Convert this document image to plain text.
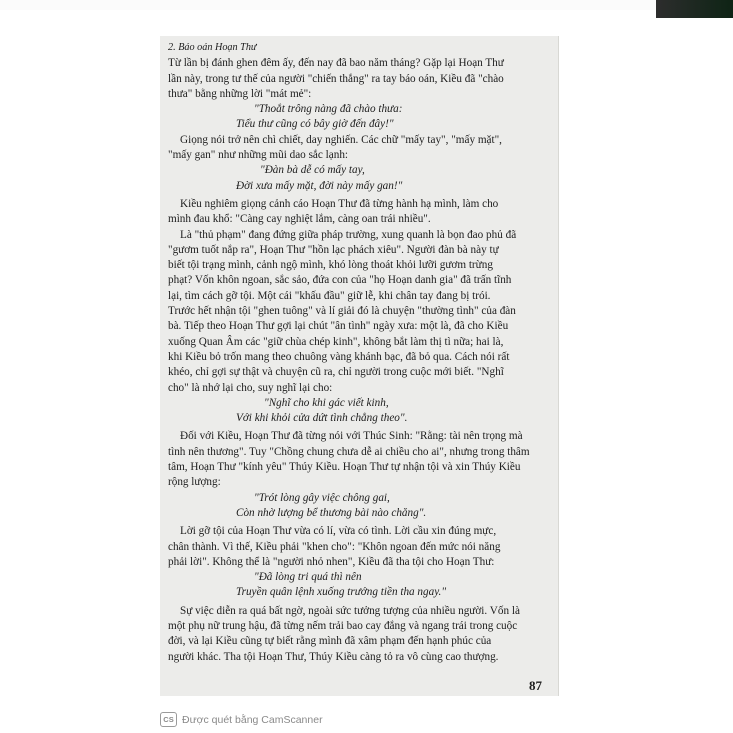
2. Báo oán Hoạn Thư

Từ lần bị đánh ghen đêm ấy, đến nay đã bao năm tháng? Gặp lại Hoạn Thư

lần này, trong tư thế của người "chiến thắng" ra tay báo oán, Kiều đã "chào

thưa" bằng những lời "mát mẻ":

"Thoắt trông nàng đã chào thưa:

Tiểu thư cũng có bây giờ đến đây!"

Giọng nói trở nên chì chiết, day nghiến. Các chữ "mấy tay", "mấy mặt",

"mấy gan" như những mũi dao sắc lạnh:

"Đàn bà dễ có mấy tay,

Đời xưa mấy mặt, đời này mấy gan!"

Kiều nghiêm giọng cảnh cáo Hoạn Thư đã từng hành hạ mình, làm cho

mình đau khổ: "Càng cay nghiệt lắm, càng oan trái nhiều".

Là "thủ phạm" đang đứng giữa pháp trường, xung quanh là bọn đao phủ đã

"gươm tuốt nắp ra", Hoạn Thư "hồn lạc phách xiêu". Người đàn bà này tự

biết tội trạng mình, cảnh ngộ mình, khó lòng thoát khỏi lưỡi gươm trừng

phạt? Vốn khôn ngoan, sắc sảo, đứa con của "họ Hoạn danh gia" đã trấn tĩnh

lại, tìm cách gỡ tội. Một cái "khấu đầu" giữ lễ, khi chân tay đang bị trói.

Trước hết nhận tội "ghen tuông" và lí giải đó là chuyện "thường tình" của đàn

bà. Tiếp theo Hoạn Thư gợi lại chút "ân tình" ngày xưa: một là, đã cho Kiều

xuống Quan Âm các "giữ chùa chép kinh", không bắt làm thị tì nữa; hai là,

khi Kiều bỏ trốn mang theo chuông vàng khánh bạc, đã bỏ qua. Cách nói rất

khéo, chỉ gợi sự thật và chuyện cũ ra, chỉ người trong cuộc mới biết. "Nghĩ

cho" là nhớ lại cho, suy nghĩ lại cho:

"Nghĩ cho khi gác viết kinh,

Với khi khỏi cửa dứt tình chẳng theo".

Đối với Kiều, Hoạn Thư đã từng nói với Thúc Sinh: "Rằng: tài nên trọng mà

tình nên thương". Tuy "Chồng chung chưa dễ ai chiều cho ai", nhưng trong thâm

tâm, Hoạn Thư "kính yêu" Thúy Kiều. Hoạn Thư tự nhận tội và xin Thúy Kiều

rộng lượng:

"Trót lòng gây việc chông gai,

Còn nhờ lượng bể thương bài nào chăng".

Lời gỡ tội của Hoạn Thư vừa có lí, vừa có tình. Lời cầu xin đúng mực,

chân thành. Vì thế, Kiều phải "khen cho": "Khôn ngoan đến mức nói năng

phải lời". Không thể là "người nhỏ nhen", Kiều đã tha tội cho Hoạn Thư:

"Đã lòng tri quá thì nên

Truyền quân lệnh xuống trướng tiền tha ngay."

Sự việc diễn ra quá bất ngờ, ngoài sức tưởng tượng của nhiều người. Vốn là

một phụ nữ trung hậu, đã từng nếm trải bao cay đắng và ngang trái trong cuộc

đời, và lại Kiều cũng tự biết rằng mình đã xâm phạm đến hạnh phúc của

người khác. Tha tội Hoạn Thư, Thúy Kiều càng tỏ ra vô cùng cao thượng.

87
CS Được quét bằng CamScanner
